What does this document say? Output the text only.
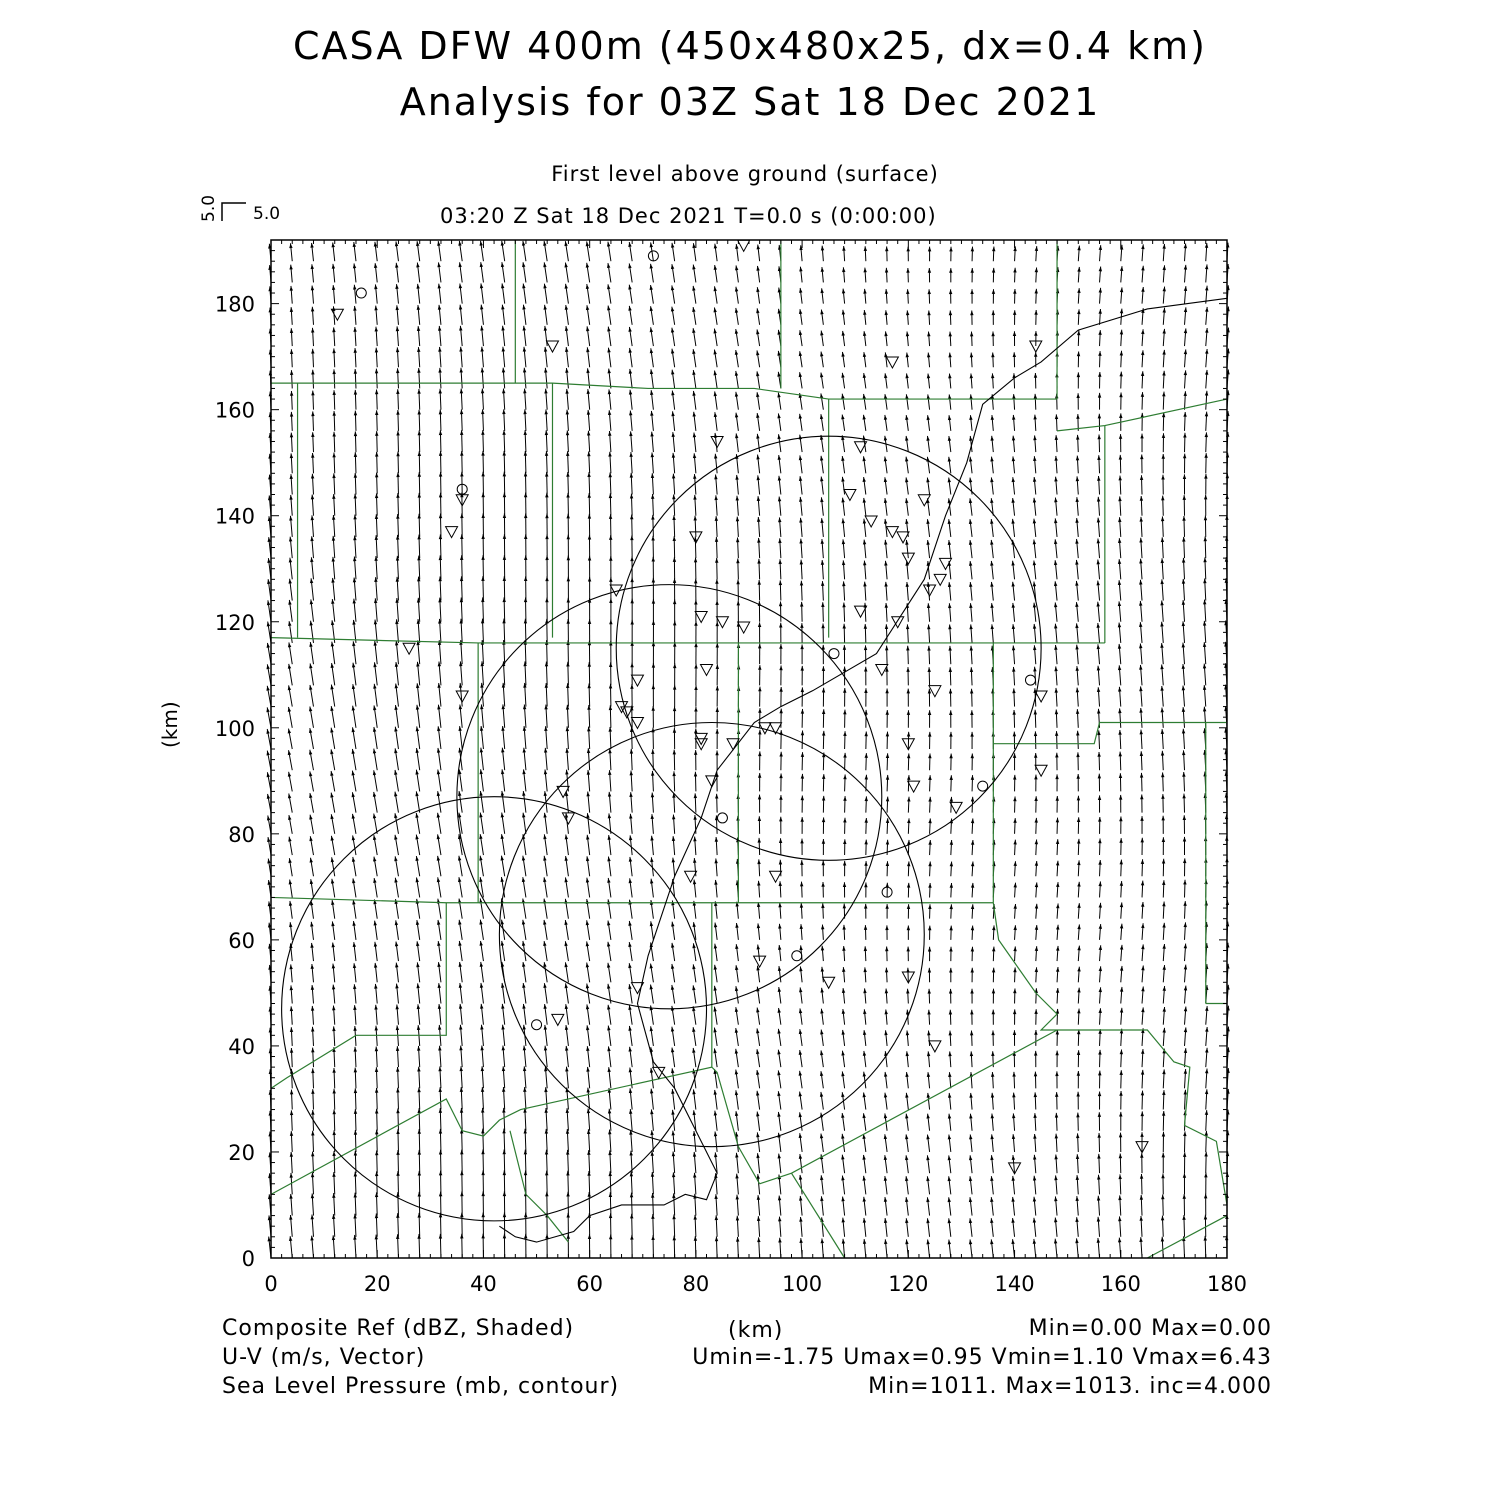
CASA DFW 400m (450x480x25, dx=0.4 km)
Analysis for 03Z Sat 18 Dec 2021
First level above ground (surface)
03:20 Z Sat 18 Dec 2021 T=0.0 s (0:00:00)
5.0
5.0
(km)
0	20	40	60	80	100	120	140	160	180
0
20
40
60
80
100
120
140
160
180
(km)
Composite Ref (dBZ, Shaded)
U-V (m/s, Vector)
Sea Level Pressure (mb, contour)
Min=0.00 Max=0.00
Umin=-1.75 Umax=0.95 Vmin=1.10 Vmax=6.43
Min=1011. Max=1013. inc=4.000
